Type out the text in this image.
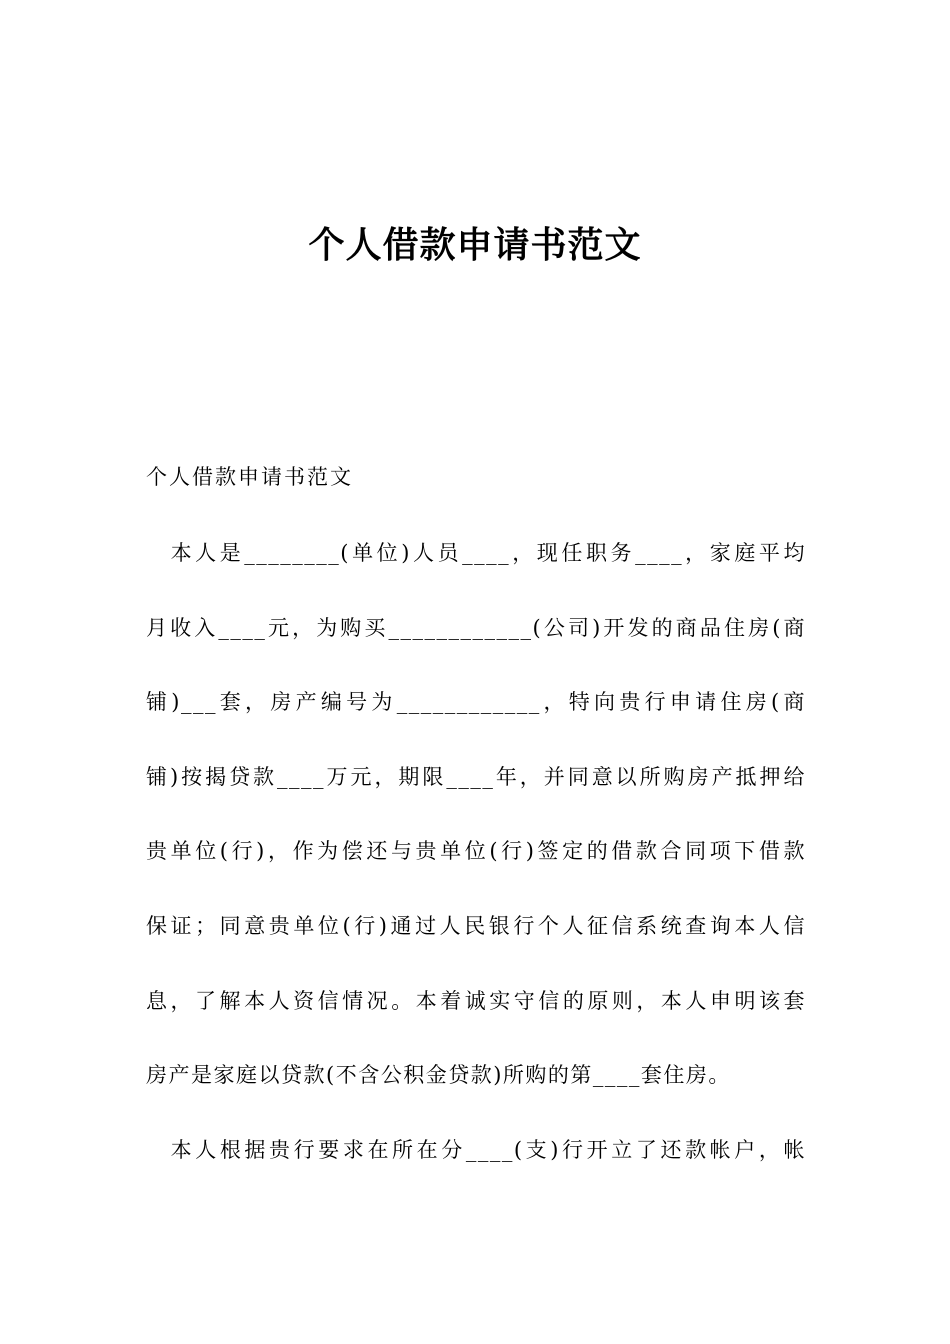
个人借款申请书范文

个人借款申请书范文

　本人是________(单位)人员____，现任职务____，家庭平均

月收入____元，为购买____________(公司)开发的商品住房(商

铺)___套，房产编号为____________，特向贵行申请住房(商

铺)按揭贷款____万元，期限____年，并同意以所购房产抵押给

贵单位(行)，作为偿还与贵单位(行)签定的借款合同项下借款

保证；同意贵单位(行)通过人民银行个人征信系统查询本人信

息，了解本人资信情况。本着诚实守信的原则，本人申明该套

房产是家庭以贷款(不含公积金贷款)所购的第____套住房。

　本人根据贵行要求在所在分____(支)行开立了还款帐户，帐
